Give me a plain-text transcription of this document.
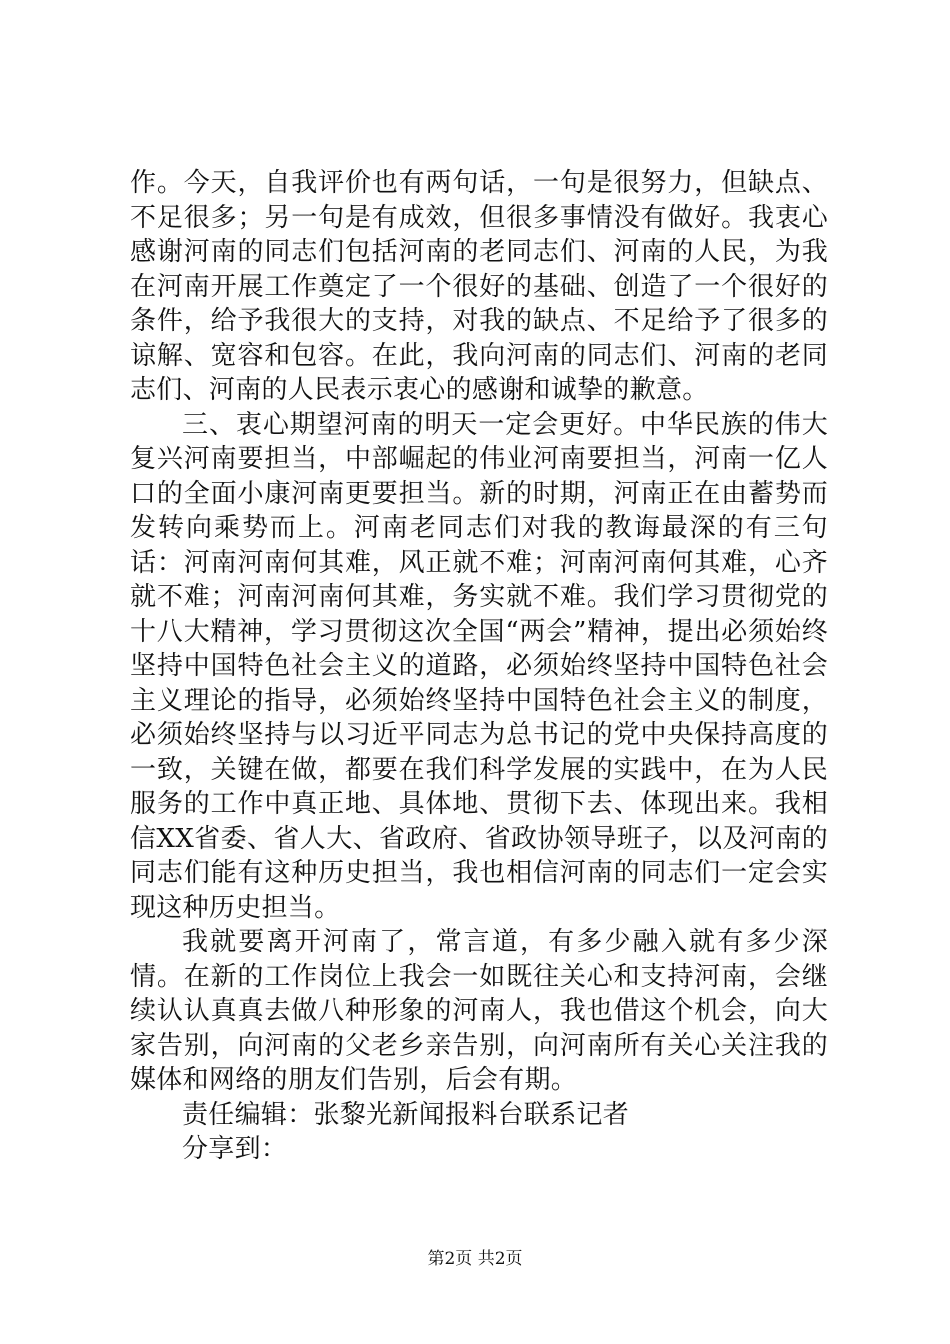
作。今天，自我评价也有两句话，一句是很努力，但缺点、不足很多；另一句是有成效，但很多事情没有做好。我衷心感谢河南的同志们包括河南的老同志们、河南的人民，为我在河南开展工作奠定了一个很好的基础、创造了一个很好的条件，给予我很大的支持，对我的缺点、不足给予了很多的谅解、宽容和包容。在此，我向河南的同志们、河南的老同志们、河南的人民表示衷心的感谢和诚挚的歉意。

三、衷心期望河南的明天一定会更好。中华民族的伟大复兴河南要担当，中部崛起的伟业河南要担当，河南一亿人口的全面小康河南更要担当。新的时期，河南正在由蓄势而发转向乘势而上。河南老同志们对我的教诲最深的有三句话：河南河南何其难，风正就不难；河南河南何其难，心齐就不难；河南河南何其难，务实就不难。我们学习贯彻党的十八大精神，学习贯彻这次全国“两会”精神，提出必须始终坚持中国特色社会主义的道路，必须始终坚持中国特色社会主义理论的指导，必须始终坚持中国特色社会主义的制度，必须始终坚持与以习近平同志为总书记的党中央保持高度的一致，关键在做，都要在我们科学发展的实践中，在为人民服务的工作中真正地、具体地、贯彻下去、体现出来。我相信XX省委、省人大、省政府、省政协领导班子，以及河南的同志们能有这种历史担当，我也相信河南的同志们一定会实现这种历史担当。

我就要离开河南了，常言道，有多少融入就有多少深情。在新的工作岗位上我会一如既往关心和支持河南，会继续认认真真去做八种形象的河南人，我也借这个机会，向大家告别，向河南的父老乡亲告别，向河南所有关心关注我的媒体和网络的朋友们告别，后会有期。

责任编辑：张黎光新闻报料台联系记者

分享到：

第2页 共2页
